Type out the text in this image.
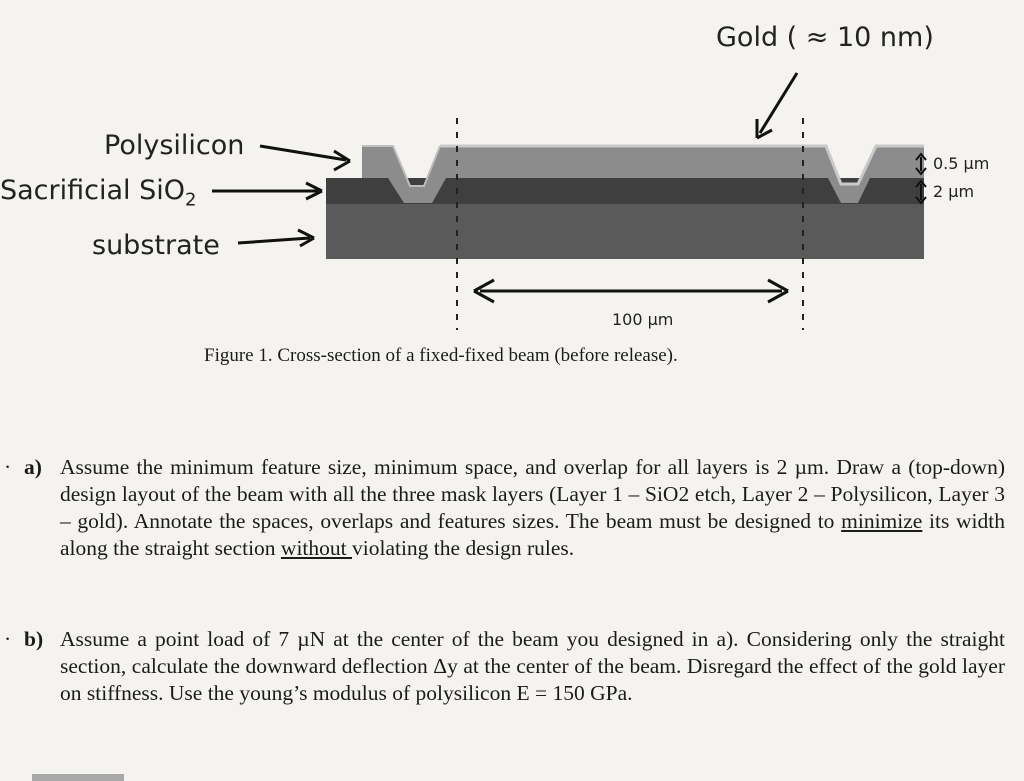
Gold ( ≈ 10 nm)
Polysilicon
Sacrificial SiO$_2$
substrate
0.5 µm
2 µm
100 µm
Figure 1. Cross-section of a fixed-fixed beam (before release).
· a) Assume the minimum feature size, minimum space, and overlap for all layers is 2 µm. Draw a (top-down) design layout of the beam with all the three mask layers (Layer 1 – SiO2 etch, Layer 2 – Polysilicon, Layer 3 – gold). Annotate the spaces, overlaps and features sizes. The beam must be designed to minimize its width along the straight section without violating the design rules.
· b) Assume a point load of 7 µN at the center of the beam you designed in a). Considering only the straight section, calculate the downward deflection Δy at the center of the beam. Disregard the effect of the gold layer on stiffness. Use the young’s modulus of polysilicon E = 150 GPa.
